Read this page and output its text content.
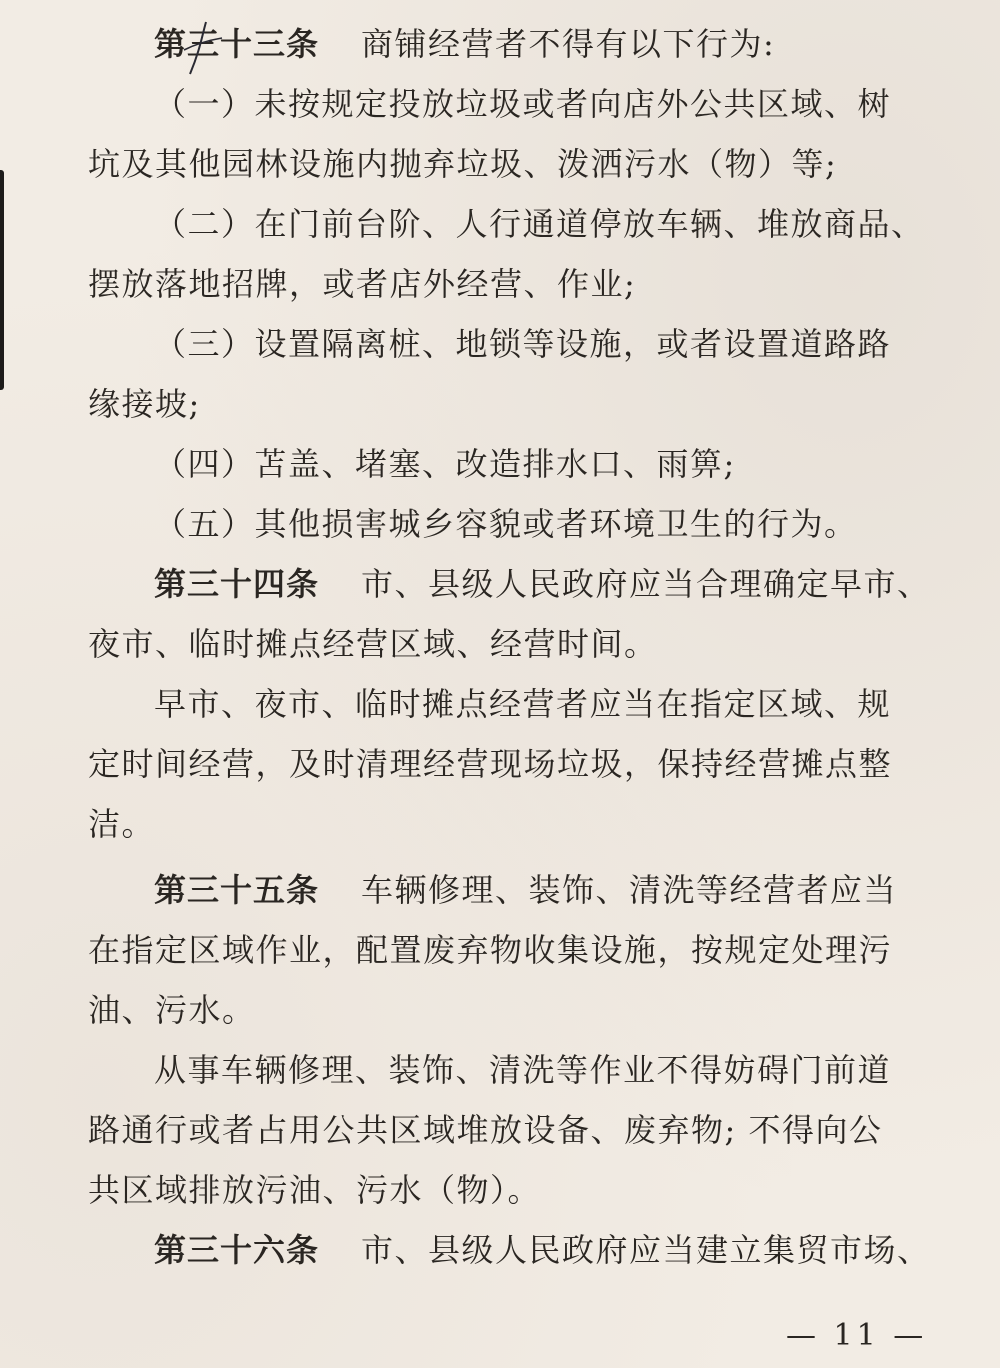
第三十三条 商铺经营者不得有以下行为:

（一）未按规定投放垃圾或者向店外公共区域、树

坑及其他园林设施内抛弃垃圾、泼洒污水（物）等;

（二）在门前台阶、人行通道停放车辆、堆放商品、

摆放落地招牌，或者店外经营、作业;

（三）设置隔离桩、地锁等设施，或者设置道路路

缘接坡;

（四）苫盖、堵塞、改造排水口、雨箅;

（五）其他损害城乡容貌或者环境卫生的行为。

第三十四条 市、县级人民政府应当合理确定早市、

夜市、临时摊点经营区域、经营时间。

早市、夜市、临时摊点经营者应当在指定区域、规

定时间经营，及时清理经营现场垃圾，保持经营摊点整

洁。

第三十五条 车辆修理、装饰、清洗等经营者应当

在指定区域作业，配置废弃物收集设施，按规定处理污

油、污水。

从事车辆修理、装饰、清洗等作业不得妨碍门前道

路通行或者占用公共区域堆放设备、废弃物; 不得向公

共区域排放污油、污水（物）。

第三十六条 市、县级人民政府应当建立集贸市场、

— 11 —
